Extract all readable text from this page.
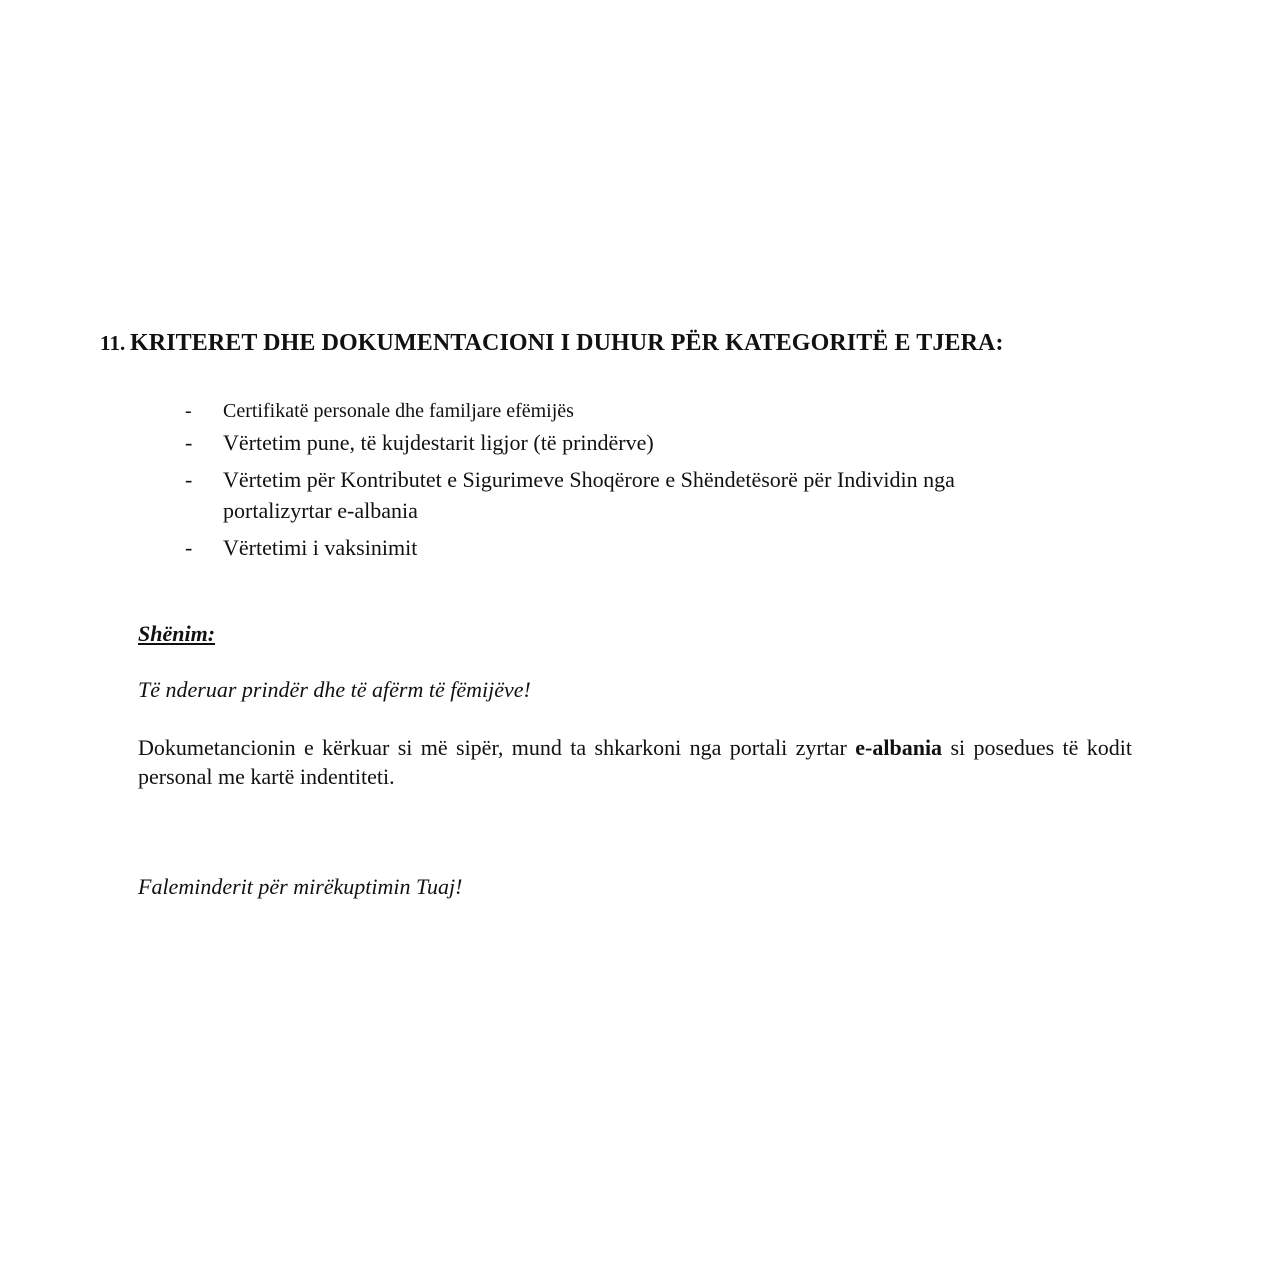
11. KRITERET DHE DOKUMENTACIONI I DUHUR PËR KATEGORITË E TJERA:
- Certifikatë personale dhe familjare efëmijës
- Vërtetim pune, të kujdestarit ligjor (të prindërve)
- Vërtetim për Kontributet e Sigurimeve Shoqërore e Shëndetësorë për Individin nga
portalizyrtar e-albania
- Vërtetimi i vaksinimit
Shënim:
Të nderuar prindër dhe të afërm të fëmijëve!
Dokumetancionin e kërkuar si më sipër, mund ta shkarkoni nga portali zyrtar e-albania si posedues të kodit personal me kartë indentiteti.
Faleminderit për mirëkuptimin Tuaj!
